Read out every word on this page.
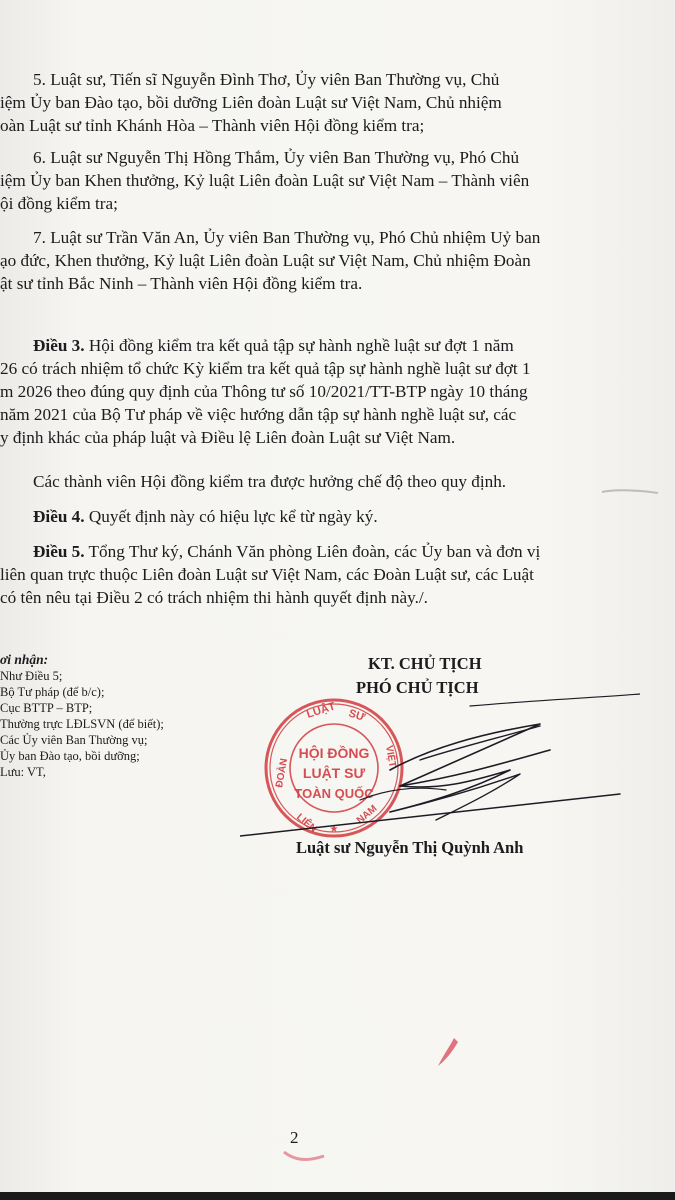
5. Luật sư, Tiến sĩ Nguyễn Đình Thơ, Ủy viên Ban Thường vụ, Chủ
iệm Ủy ban Đào tạo, bồi dưỡng Liên đoàn Luật sư Việt Nam, Chủ nhiệm
oàn Luật sư tỉnh Khánh Hòa – Thành viên Hội đồng kiểm tra;

6. Luật sư Nguyễn Thị Hồng Thắm, Ủy viên Ban Thường vụ, Phó Chủ
iệm Ủy ban Khen thưởng, Kỷ luật Liên đoàn Luật sư Việt Nam – Thành viên
ội đồng kiểm tra;

7. Luật sư Trần Văn An, Ủy viên Ban Thường vụ, Phó Chủ nhiệm Uỷ ban
ạo đức, Khen thưởng, Kỷ luật Liên đoàn Luật sư Việt Nam, Chủ nhiệm Đoàn
ật sư tỉnh Bắc Ninh – Thành viên Hội đồng kiểm tra.

Điều 3. Hội đồng kiểm tra kết quả tập sự hành nghề luật sư đợt 1 năm
26 có trách nhiệm tổ chức Kỳ kiểm tra kết quả tập sự hành nghề luật sư đợt 1
m 2026 theo đúng quy định của Thông tư số 10/2021/TT-BTP ngày 10 tháng
năm 2021 của Bộ Tư pháp về việc hướng dẫn tập sự hành nghề luật sư, các
y định khác của pháp luật và Điều lệ Liên đoàn Luật sư Việt Nam.

Các thành viên Hội đồng kiểm tra được hưởng chế độ theo quy định.

Điều 4. Quyết định này có hiệu lực kể từ ngày ký.

Điều 5. Tổng Thư ký, Chánh Văn phòng Liên đoàn, các Ủy ban và đơn vị
liên quan trực thuộc Liên đoàn Luật sư Việt Nam, các Đoàn Luật sư, các Luật
có tên nêu tại Điều 2 có trách nhiệm thi hành quyết định này./.

ơi nhận:
Như Điều 5;
Bộ Tư pháp (để b/c);
Cục BTTP – BTP;
Thường trực LĐLSVN (để biết);
Các Ủy viên Ban Thường vụ;
Ủy ban Đào tạo, bồi dưỡng;
Lưu: VT,
KT. CHỦ TỊCH
PHÓ CHỦ TỊCH
LUẬT SƯ
ĐOÀN
VIỆT
LIÊN	NAM
HỘI ĐỒNG
LUẬT SƯ
TOÀN QUỐC
★
Luật sư Nguyễn Thị Quỳnh Anh
2
